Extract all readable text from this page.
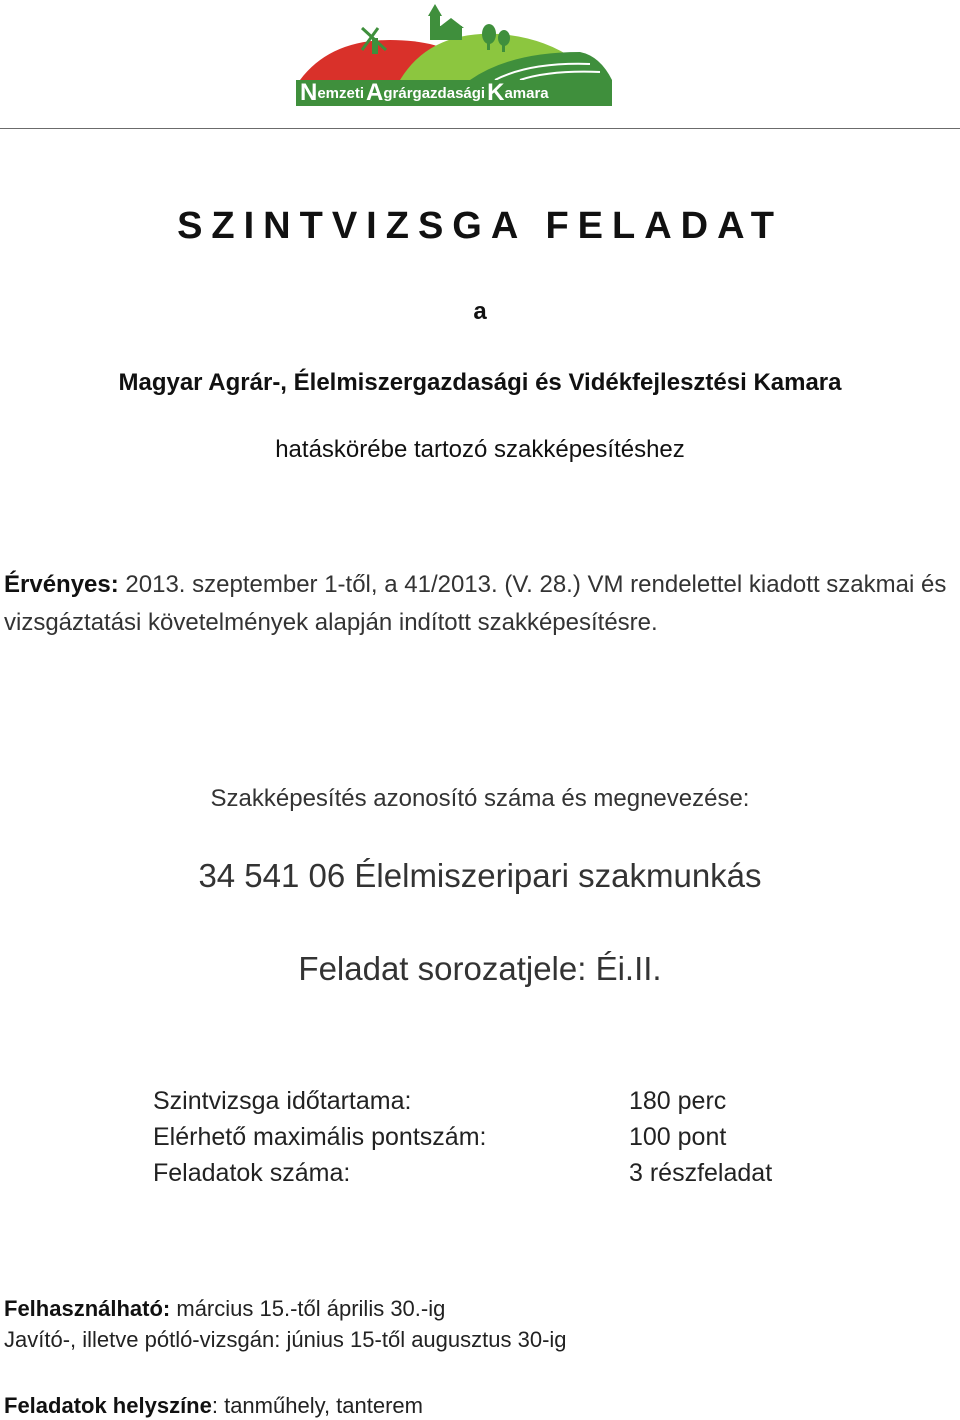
N emzeti A grárgazdasági K amara
SZINTVIZSGA FELADAT
a
Magyar Agrár-, Élelmiszergazdasági és Vidékfejlesztési Kamara
hatáskörébe tartozó szakképesítéshez
Érvényes: 2013. szeptember 1-től, a 41/2013. (V. 28.) VM rendelettel kiadott szakmai és vizsgáztatási követelmények alapján indított szakképesítésre.
Szakképesítés azonosító száma és megnevezése:
34 541 06 Élelmiszeripari szakmunkás
Feladat sorozatjele: Éi.II.
Szintvizsga időtartama:	180 perc
Elérhető maximális pontszám:	100 pont
Feladatok száma:	3 részfeladat
Felhasználható: március 15.-től április 30.-ig
Javító-, illetve pótló-vizsgán: június 15-től augusztus 30-ig
Feladatok helyszíne: tanműhely, tanterem
